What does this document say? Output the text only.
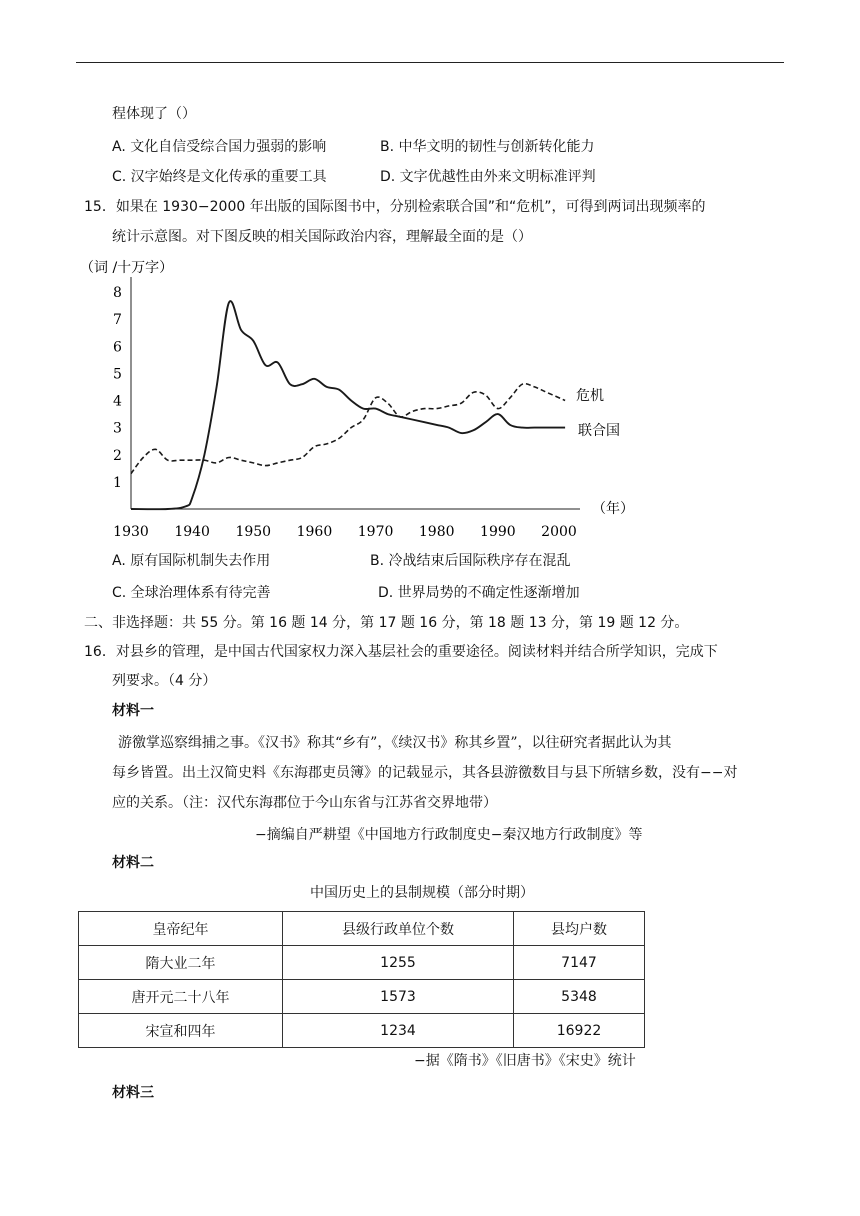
程体现了（）
A. 文化自信受综合国力强弱的影响	B. 中华文明的韧性与创新转化能力
C. 汉字始终是文化传承的重要工具	D. 文字优越性由外来文明标准评判
15．如果在 1930−2000 年出版的国际图书中，分别检索联合国”和“危机”，可得到两词出现频率的
统计示意图。对下图反映的相关国际政治内容，理解最全面的是（）
（词 /十万字）
（年）
1
2
3
4
5
6
7
8
1930 1940 1950 1960 1970 1980 1990 2000
危机
联合国
A. 原有国际机制失去作用	B. 冷战结束后国际秩序存在混乱
C. 全球治理体系有待完善	D. 世界局势的不确定性逐渐增加
二、非选择题：共 55 分。第 16 题 14 分，第 17 题 16 分，第 18 题 13 分，第 19 题 12 分。
16．对县乡的管理，是中国古代国家权力深入基层社会的重要途径。阅读材料并结合所学知识，完成下
列要求。（4 分）
材料一
游徼掌巡察缉捕之事。《汉书》称其“乡有”，《续汉书》称其乡置”，以往研究者据此认为其
每乡皆置。出土汉简史料《东海郡吏员簿》的记载显示，其各县游徼数目与县下所辖乡数，没有−−对
应的关系。（注：汉代东海郡位于今山东省与江苏省交界地带）
−摘编自严耕望《中国地方行政制度史−秦汉地方行政制度》等
材料二
中国历史上的县制规模（部分时期）
皇帝纪年	县级行政单位个数	县均户数
隋大业二年	1255	7147
唐开元二十八年	1573	5348
宋宣和四年	1234	16922
−据《隋书》《旧唐书》《宋史》统计
材料三
